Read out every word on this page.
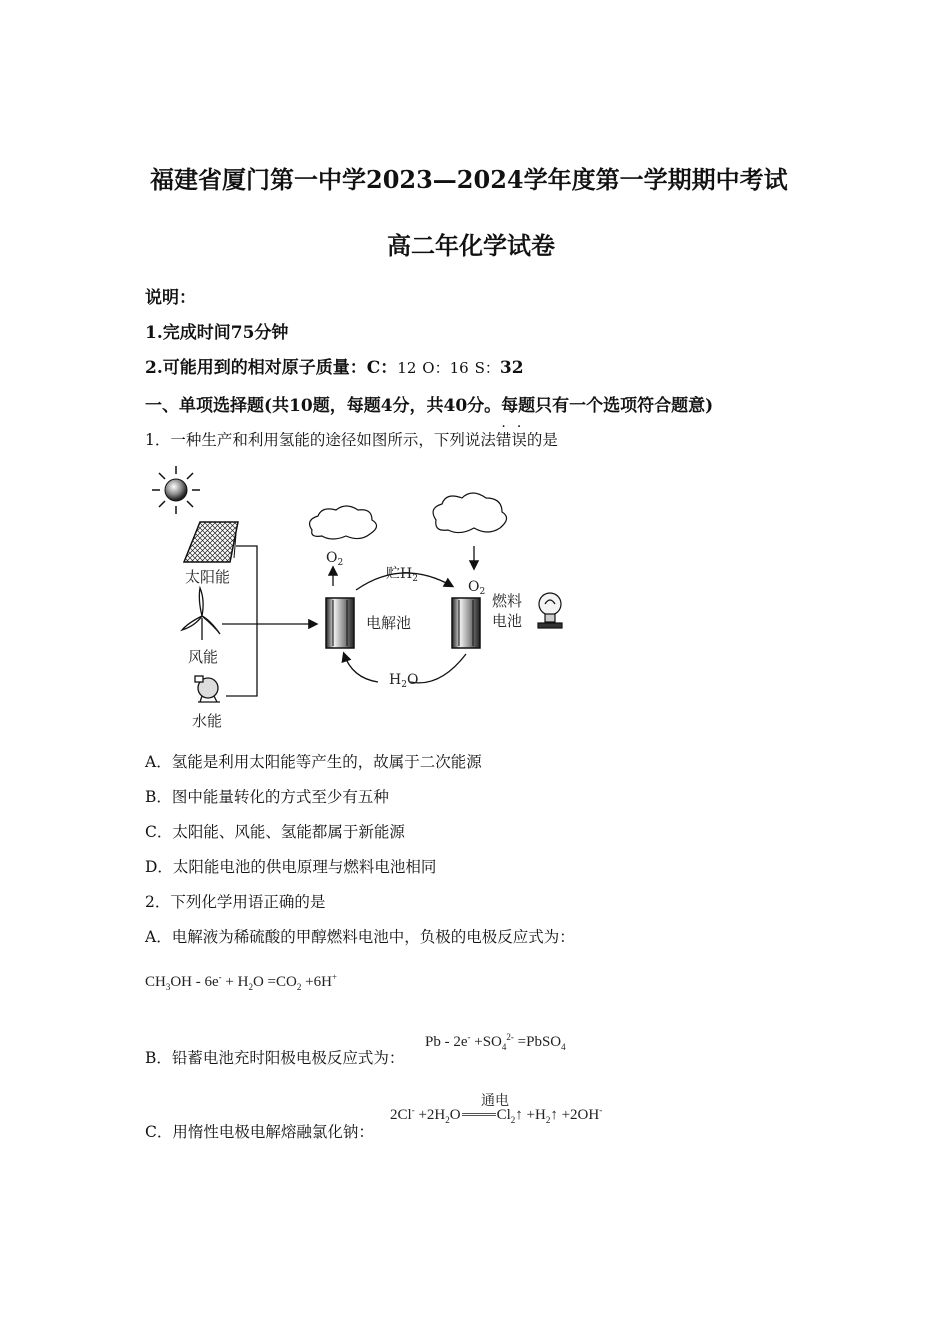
福建省厦门第一中学2023—2024学年度第一学期期中考试
高二年化学试卷
说明：
1.完成时间75分钟
2.可能用到的相对原子质量：C：12 O：16 S：32
一、单项选择题(共10题，每题4分，共40分。每题只有一个选项符合题意)
1．一种生产和利用氢能的途径如图所示，下列说法错误的是
太阳能
风能
水能
$O_2$
$O_2$
电解池
燃料
电池
贮$H_2$
$H_2O$
A．氢能是利用太阳能等产生的，故属于二次能源
B．图中能量转化的方式至少有五种
C．太阳能、风能、氢能都属于新能源
D．太阳能电池的供电原理与燃料电池相同
2．下列化学用语正确的是
A．电解液为稀硫酸的甲醇燃料电池中，负极的电极反应式为：
$CH_3OH - 6e^- + H_2O =CO_2 +6H^+$
B．铅蓄电池充时阳极电极反应式为：
$Pb - 2e^- +SO_4^{2-}$ =PbSO$_4$
通电
C．用惰性电极电解熔融氯化钠：
$2Cl^- +2H_2O$ $Cl_2↑$ $+H_2↑ +2OH^-$
